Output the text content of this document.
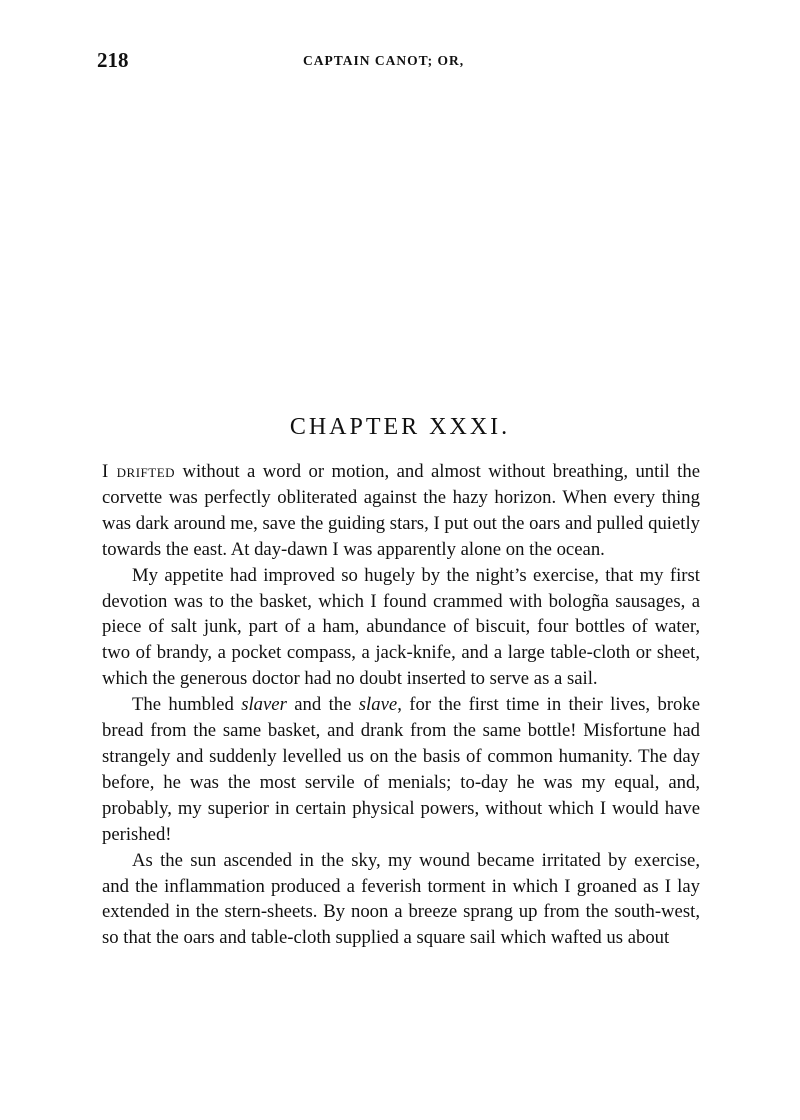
218	CAPTAIN CANOT; OR,
CHAPTER XXXI.

I drifted without a word or motion, and almost without breathing, until the corvette was perfectly obliterated against the hazy horizon. When every thing was dark around me, save the guiding stars, I put out the oars and pulled quietly towards the east. At day-dawn I was apparently alone on the ocean.

My appetite had improved so hugely by the night’s exercise, that my first devotion was to the basket, which I found crammed with bologña sausages, a piece of salt junk, part of a ham, abundance of biscuit, four bottles of water, two of brandy, a pocket compass, a jack-knife, and a large table-cloth or sheet, which the generous doctor had no doubt inserted to serve as a sail.

The humbled slaver and the slave, for the first time in their lives, broke bread from the same basket, and drank from the same bottle! Misfortune had strangely and suddenly levelled us on the basis of common humanity. The day before, he was the most servile of menials; to-day he was my equal, and, probably, my superior in certain physical powers, without which I would have perished!

As the sun ascended in the sky, my wound became irritated by exercise, and the inflammation produced a feverish torment in which I groaned as I lay extended in the stern-sheets. By noon a breeze sprang up from the south-west, so that the oars and table-cloth supplied a square sail which wafted us about
